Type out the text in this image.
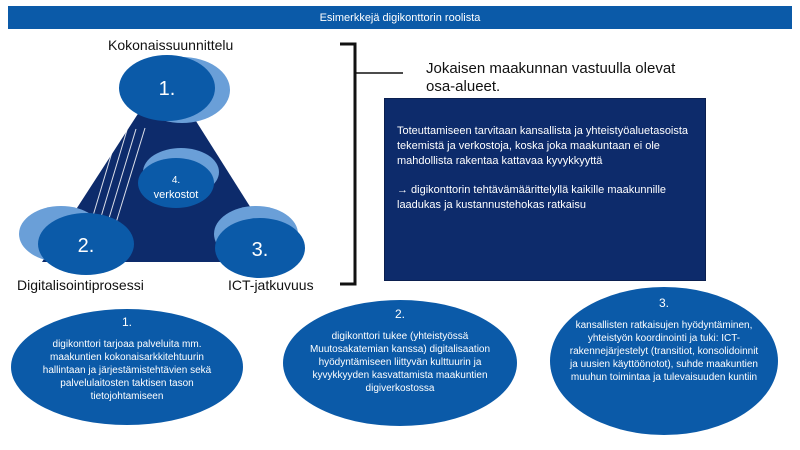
Esimerkkejä digikonttorin roolista
1.
4.
verkostot
2.	3.
Kokonaissuunnittelu
Digitalisointiprosessi	ICT-jatkuvuus
Jokaisen maakunnan vastuulla olevat
osa-alueet.

Toteuttamiseen tarvitaan kansallista ja yhteistyöaluetasoista tekemistä ja verkostoja, koska joka maakuntaan ei ole mahdollista rakentaa kattavaa kyvykkyyttä

→ digikonttorin tehtävämäärittelyllä kaikille maakunnille laadukas ja kustannustehokas ratkaisu

1.
digikonttori tarjoaa palveluita mm. maakuntien kokonaisarkkitehtuurin hallintaan ja järjestämistehtävien sekä palvelulaitosten taktisen tason tietojohtamiseen
2.
digikonttori tukee (yhteistyössä Muutosakatemian kanssa) digitalisaation hyödyntämiseen liittyvän kulttuurin ja kyvykkyyden kasvattamista maakuntien digiverkostossa
3.
kansallisten ratkaisujen hyödyntäminen, yhteistyön koordinointi ja tuki: ICT-rakennejärjestelyt (transitiot, konsolidoinnit ja uusien käyttöönotot), suhde maakuntien muuhun toimintaa ja tulevaisuuden kuntiin
